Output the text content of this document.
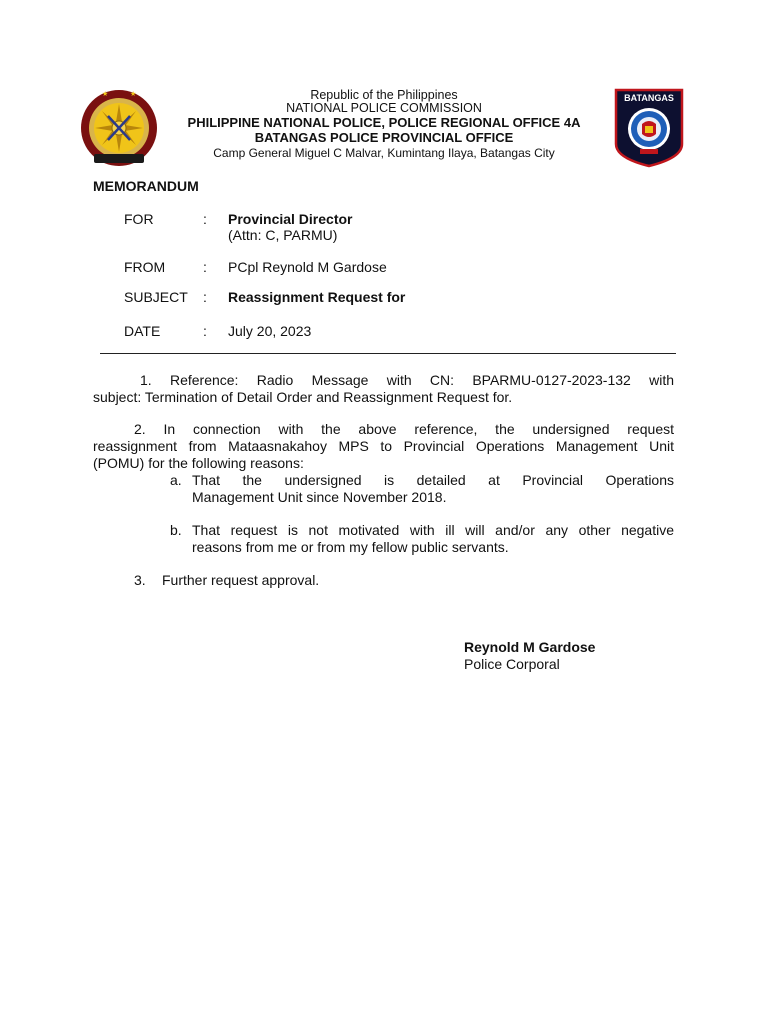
★	★	BATANGAS
Republic of the Philippines
NATIONAL POLICE COMMISSION
PHILIPPINE NATIONAL POLICE, POLICE REGIONAL OFFICE 4A
BATANGAS POLICE PROVINCIAL OFFICE
Camp General Miguel C Malvar, Kumintang Ilaya, Batangas City
MEMORANDUM
FOR	: Provincial Director
(Attn: C, PARMU)
FROM	: PCpl Reynold M Gardose
SUBJECT : Reassignment Request for
DATE	: July 20, 2023
1. Reference: Radio Message with CN: BPARMU-0127-2023-132 with
subject: Termination of Detail Order and Reassignment Request for.
2. In connection with the above reference, the undersigned request
reassignment from Mataasnakahoy MPS to Provincial Operations Management Unit
(POMU) for the following reasons:
a. That the undersigned is detailed at Provincial Operations
Management Unit since November 2018.
b. That request is not motivated with ill will and/or any other negative
reasons from me or from my fellow public servants.
3. Further request approval.
Reynold M Gardose
Police Corporal
